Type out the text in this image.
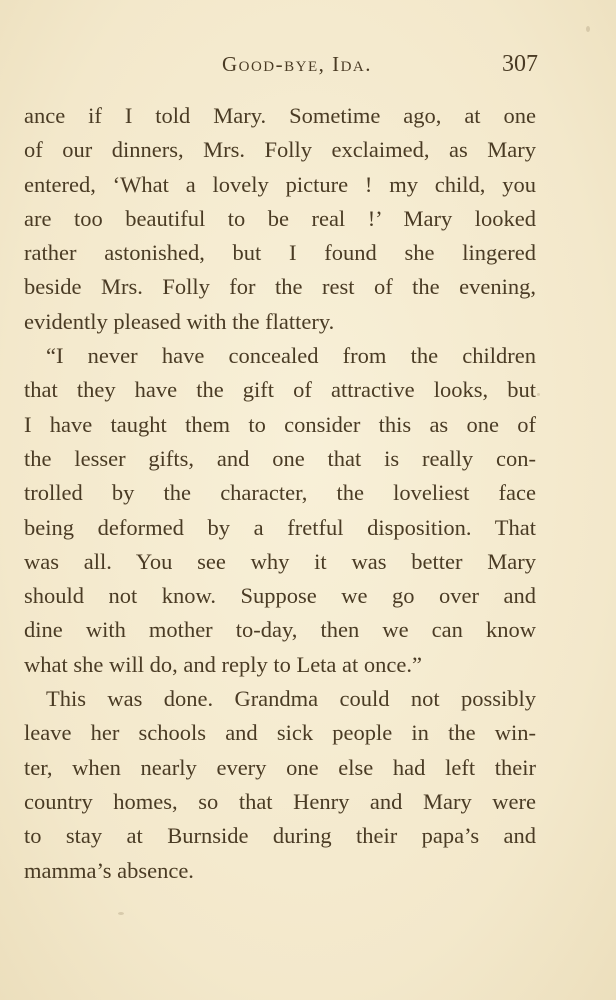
Good-bye, Ida.	307
ance if I told Mary. Sometime ago, at one
of our dinners, Mrs. Folly exclaimed, as Mary
entered, ‘What a lovely picture ! my child, you
are too beautiful to be real !’ Mary looked
rather astonished, but I found she lingered
beside Mrs. Folly for the rest of the evening,
evidently pleased with the flattery.
“I never have concealed from the children
that they have the gift of attractive looks, but
I have taught them to consider this as one of
the lesser gifts, and one that is really con-
trolled by the character, the loveliest face
being deformed by a fretful disposition. That
was all. You see why it was better Mary
should not know. Suppose we go over and
dine with mother to-day, then we can know
what she will do, and reply to Leta at once.”
This was done. Grandma could not possibly
leave her schools and sick people in the win-
ter, when nearly every one else had left their
country homes, so that Henry and Mary were
to stay at Burnside during their papa’s and
mamma’s absence.
